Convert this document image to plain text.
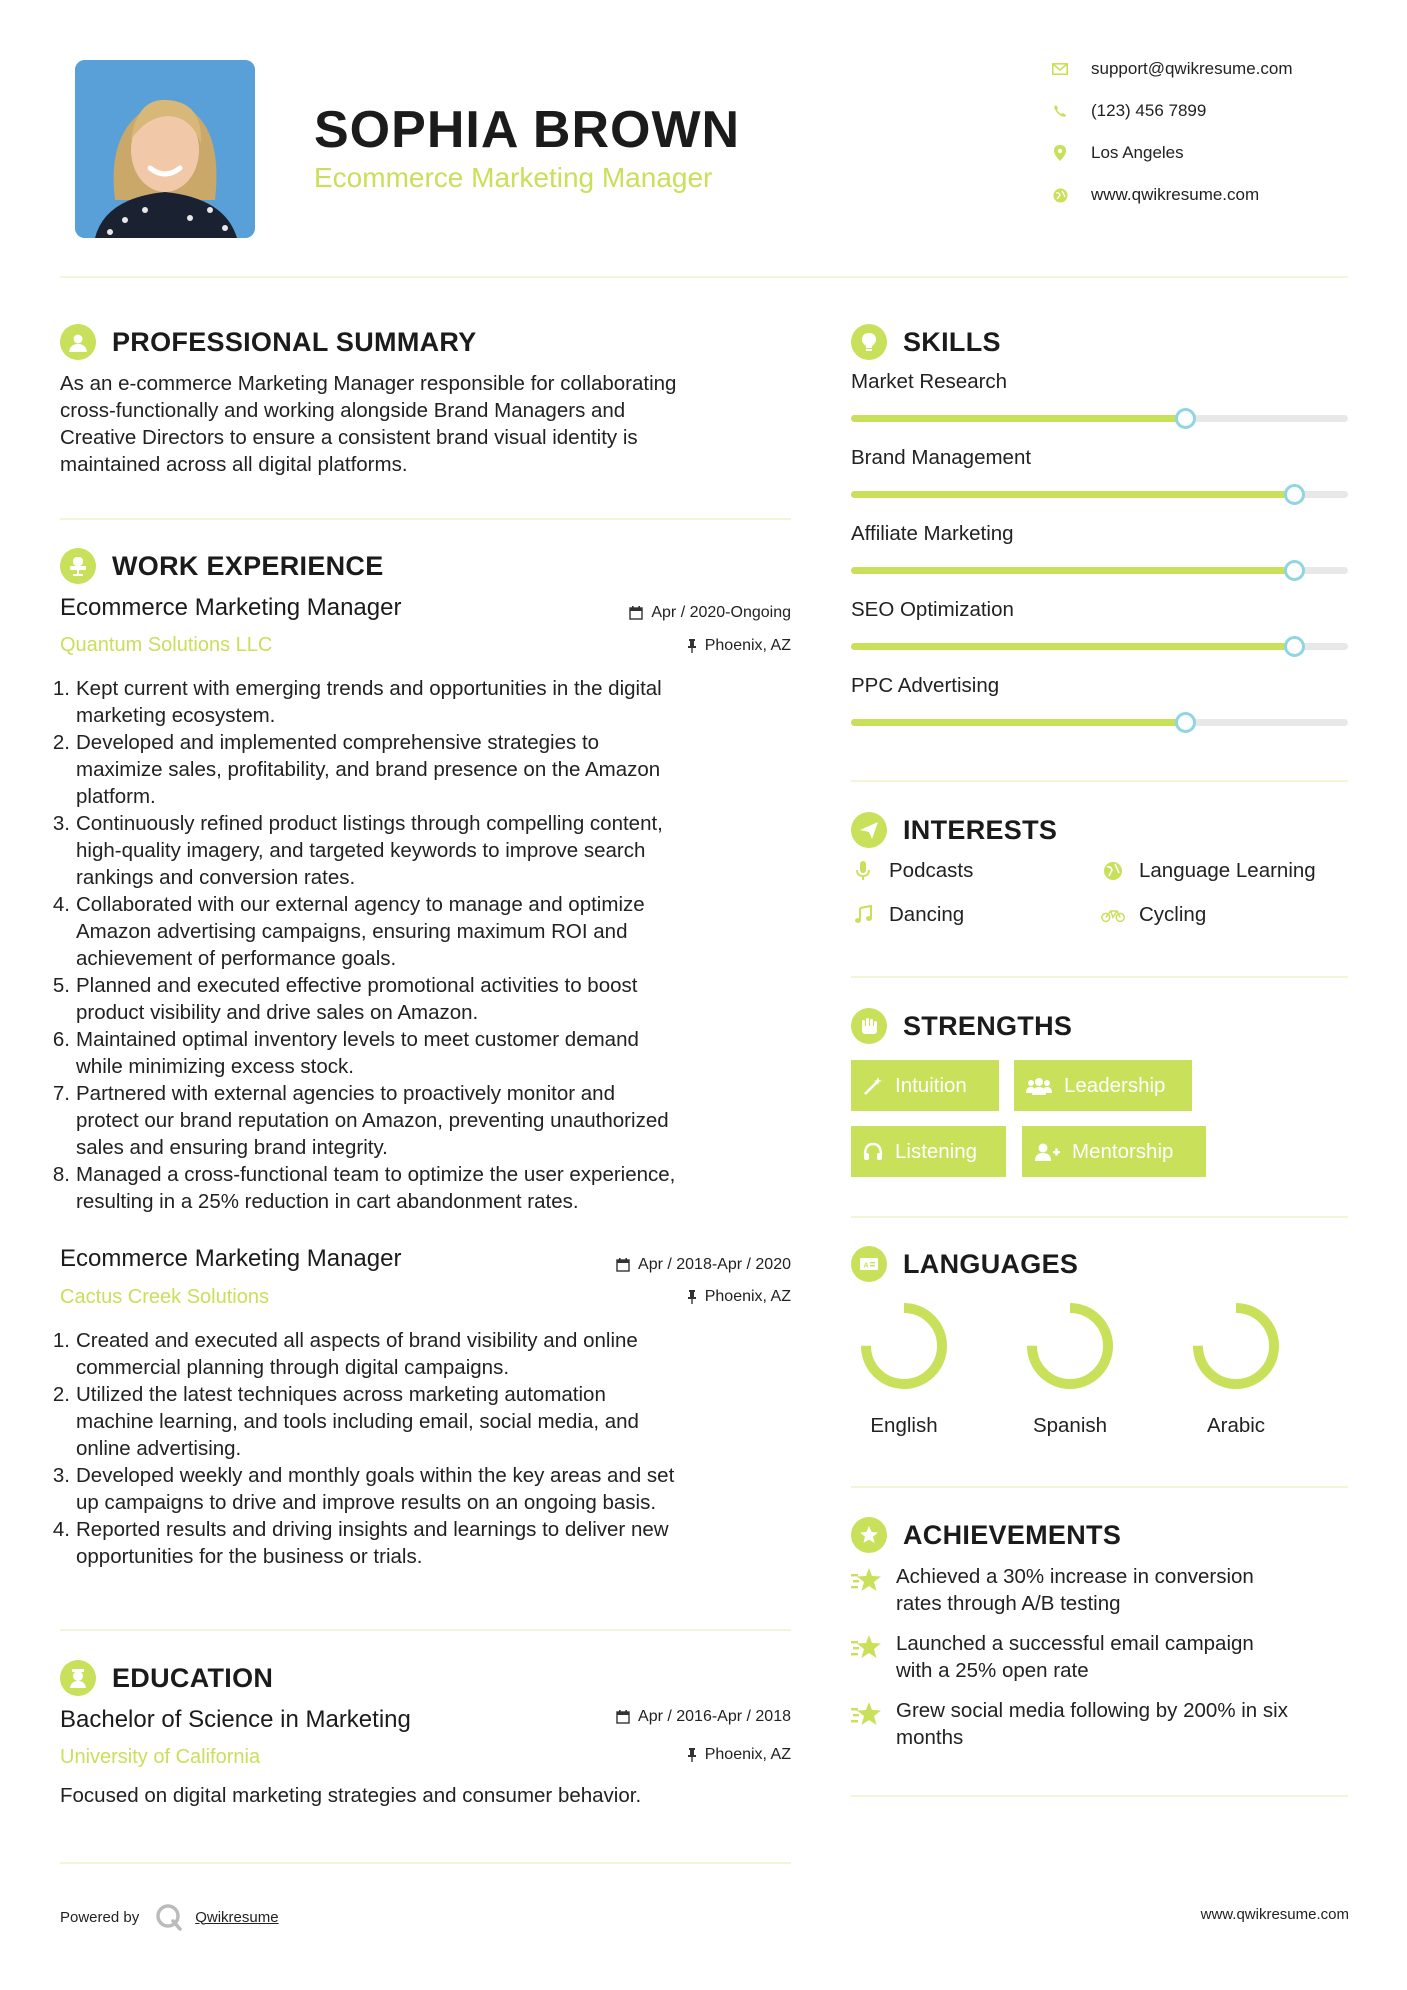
SOPHIA BROWN
Ecommerce Marketing Manager
support@qwikresume.com
(123) 456 7899
Los Angeles
www.qwikresume.com
PROFESSIONAL SUMMARY
As an e-commerce Marketing Manager responsible for collaborating
cross-functionally and working alongside Brand Managers and
Creative Directors to ensure a consistent brand visual identity is
maintained across all digital platforms.
WORK EXPERIENCE
Ecommerce Marketing Manager
Quantum Solutions LLC
Apr / 2020-Ongoing
Phoenix, AZ
1. Kept current with emerging trends and opportunities in the digital
marketing ecosystem.
2. Developed and implemented comprehensive strategies to
maximize sales, profitability, and brand presence on the Amazon
platform.
3. Continuously refined product listings through compelling content,
high-quality imagery, and targeted keywords to improve search
rankings and conversion rates.
4. Collaborated with our external agency to manage and optimize
Amazon advertising campaigns, ensuring maximum ROI and
achievement of performance goals.
5. Planned and executed effective promotional activities to boost
product visibility and drive sales on Amazon.
6. Maintained optimal inventory levels to meet customer demand
while minimizing excess stock.
7. Partnered with external agencies to proactively monitor and
protect our brand reputation on Amazon, preventing unauthorized
sales and ensuring brand integrity.
8. Managed a cross-functional team to optimize the user experience,
resulting in a 25% reduction in cart abandonment rates.
Ecommerce Marketing Manager
Cactus Creek Solutions
Apr / 2018-Apr / 2020
Phoenix, AZ
1. Created and executed all aspects of brand visibility and online
commercial planning through digital campaigns.
2. Utilized the latest techniques across marketing automation
machine learning, and tools including email, social media, and
online advertising.
3. Developed weekly and monthly goals within the key areas and set
up campaigns to drive and improve results on an ongoing basis.
4. Reported results and driving insights and learnings to deliver new
opportunities for the business or trials.
EDUCATION
Bachelor of Science in Marketing
University of California
Apr / 2016-Apr / 2018
Phoenix, AZ
Focused on digital marketing strategies and consumer behavior.
SKILLS
Market Research
Brand Management
Affiliate Marketing
SEO Optimization
PPC Advertising
INTERESTS
Podcasts	Language Learning
Dancing	Cycling
STRENGTHS
Intuition	Leadership
Listening	Mentorship
A LANGUAGES
English	Spanish	Arabic
ACHIEVEMENTS
Achieved a 30% increase in conversion
rates through A/B testing
Launched a successful email campaign
with a 25% open rate
Grew social media following by 200% in six
months
Powered by	Qwikresume	www.qwikresume.com
